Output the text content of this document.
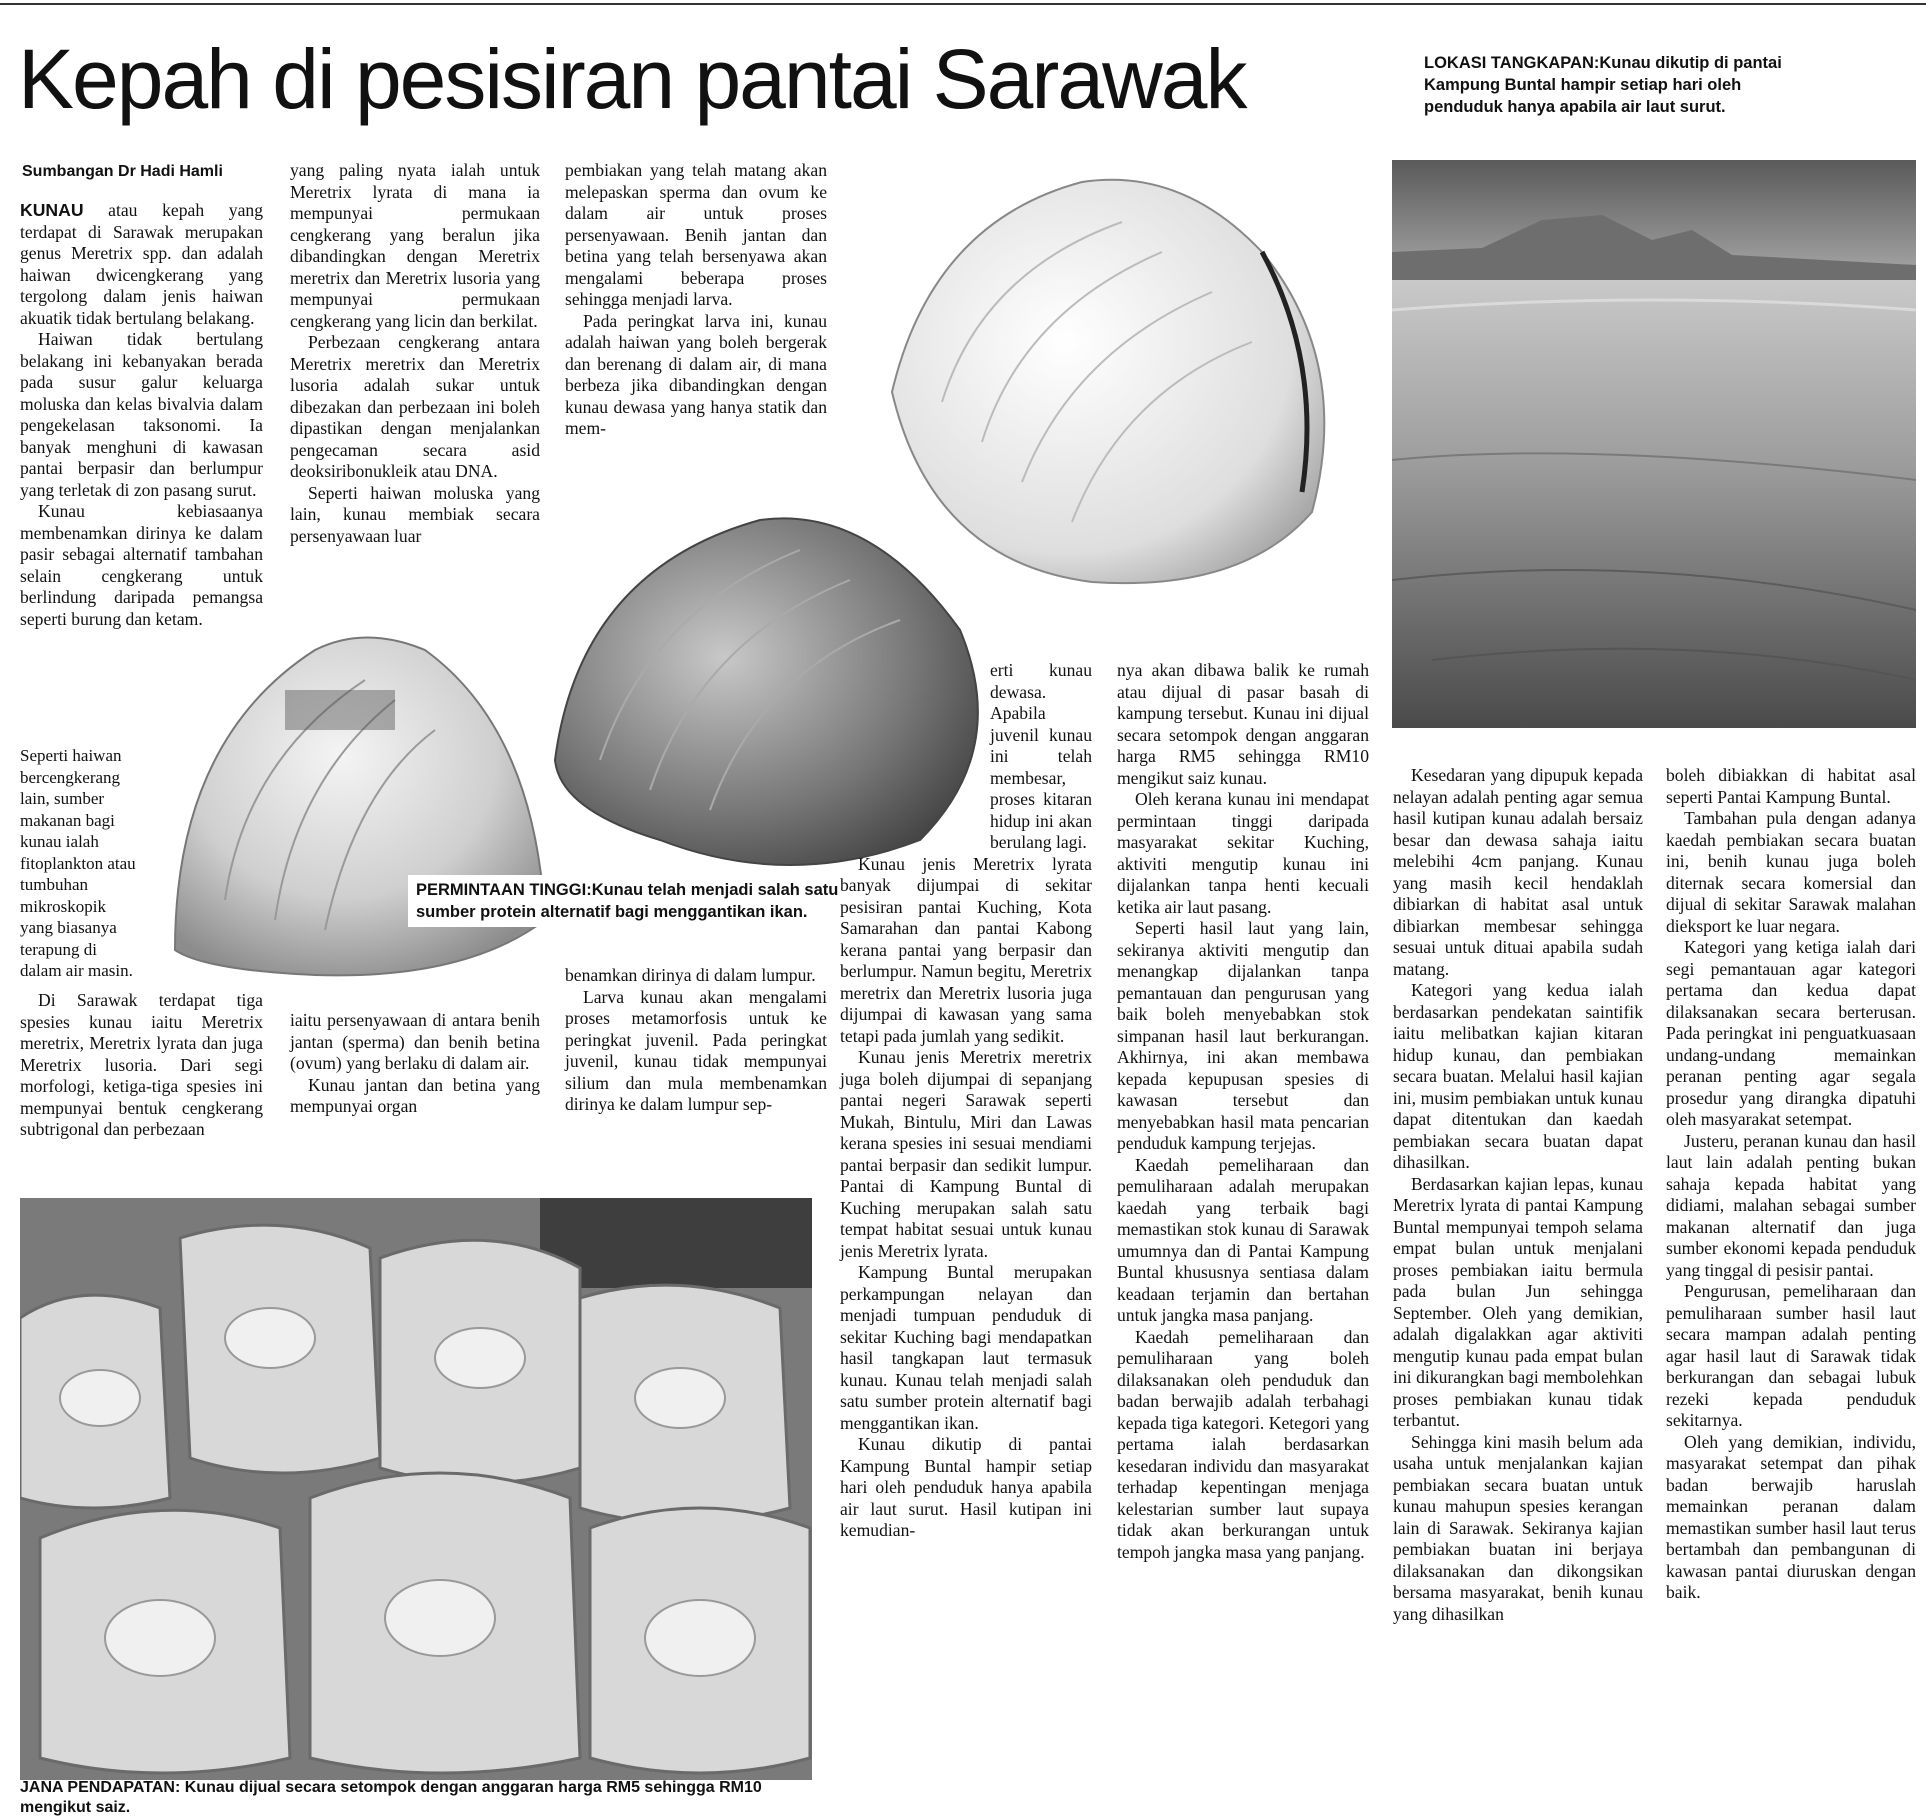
Kepah di pesisiran pantai Sarawak	LOKASI TANGKAPAN:Kunau dikutip di pantai Kampung Buntal hampir setiap hari oleh penduduk hanya apabila air laut surut.
Sumbangan Dr Hadi Hamli

KUNAU atau kepah yang terdapat di Sarawak merupakan genus Meretrix spp. dan adalah haiwan dwicengkerang yang tergolong dalam jenis haiwan akuatik tidak bertulang belakang.

Haiwan tidak bertulang belakang ini kebanyakan berada pada susur galur keluarga moluska dan kelas bivalvia dalam pengekelasan taksonomi. Ia banyak menghuni di kawasan pantai berpasir dan berlumpur yang terletak di zon pasang surut.

Kunau kebiasaanya membenamkan dirinya ke dalam pasir sebagai alternatif tambahan selain cengkerang untuk berlindung daripada pemangsa seperti burung dan ketam.

Seperti haiwan bercengkerang lain, sumber makanan bagi kunau ialah fitoplankton atau tumbuhan mikroskopik yang biasanya terapung di dalam air masin.

Di Sarawak terdapat tiga spesies kunau iaitu Meretrix meretrix, Meretrix lyrata dan juga Meretrix lusoria. Dari segi morfologi, ketiga-tiga spesies ini mempunyai bentuk cengkerang subtrigonal dan perbezaan

yang paling nyata ialah untuk Meretrix lyrata di mana ia mempunyai permukaan cengkerang yang beralun jika dibandingkan dengan Meretrix meretrix dan Meretrix lusoria yang mempunyai permukaan cengkerang yang licin dan berkilat.

Perbezaan cengkerang antara Meretrix meretrix dan Meretrix lusoria adalah sukar untuk dibezakan dan perbezaan ini boleh dipastikan dengan menjalankan pengecaman secara asid deoksiribonukleik atau DNA.

Seperti haiwan moluska yang lain, kunau membiak secara persenyawaan luar

iaitu persenyawaan di antara benih jantan (sperma) dan benih betina (ovum) yang berlaku di dalam air.

Kunau jantan dan betina yang mempunyai organ

pembiakan yang telah matang akan melepaskan sperma dan ovum ke dalam air untuk proses persenyawaan. Benih jantan dan betina yang telah bersenyawa akan mengalami beberapa proses sehingga menjadi larva.

Pada peringkat larva ini, kunau adalah haiwan yang boleh bergerak dan berenang di dalam air, di mana berbeza jika dibandingkan dengan kunau dewasa yang hanya statik dan mem-

benamkan dirinya di dalam lumpur.

Larva kunau akan mengalami proses metamorfosis untuk ke peringkat juvenil. Pada peringkat juvenil, kunau tidak mempunyai silium dan mula membenamkan dirinya ke dalam lumpur sep-

PERMINTAAN TINGGI:Kunau telah menjadi salah satu sumber protein alternatif bagi menggantikan ikan.

erti kunau dewasa. Apabila juvenil kunau ini telah membesar, proses kitaran hidup ini akan berulang lagi.

Kunau jenis Meretrix lyrata banyak dijumpai di sekitar pesisiran pantai Kuching, Kota Samarahan dan pantai Kabong kerana pantai yang berpasir dan berlumpur. Namun begitu, Meretrix meretrix dan Meretrix lusoria juga dijumpai di kawasan yang sama tetapi pada jumlah yang sedikit.

Kunau jenis Meretrix meretrix juga boleh dijumpai di sepanjang pantai negeri Sarawak seperti Mukah, Bintulu, Miri dan Lawas kerana spesies ini sesuai mendiami pantai berpasir dan sedikit lumpur. Pantai di Kampung Buntal di Kuching merupakan salah satu tempat habitat sesuai untuk kunau jenis Meretrix lyrata.

Kampung Buntal merupakan perkampungan nelayan dan menjadi tumpuan penduduk di sekitar Kuching bagi mendapatkan hasil tangkapan laut termasuk kunau. Kunau telah menjadi salah satu sumber protein alternatif bagi menggantikan ikan.

Kunau dikutip di pantai Kampung Buntal hampir setiap hari oleh penduduk hanya apabila air laut surut. Hasil kutipan ini kemudian-

nya akan dibawa balik ke rumah atau dijual di pasar basah di kampung tersebut. Kunau ini dijual secara setompok dengan anggaran harga RM5 sehingga RM10 mengikut saiz kunau.

Oleh kerana kunau ini mendapat permintaan tinggi daripada masyarakat sekitar Kuching, aktiviti mengutip kunau ini dijalankan tanpa henti kecuali ketika air laut pasang.

Seperti hasil laut yang lain, sekiranya aktiviti mengutip dan menangkap dijalankan tanpa pemantauan dan pengurusan yang baik boleh menyebabkan stok simpanan hasil laut berkurangan. Akhirnya, ini akan membawa kepada kepupusan spesies di kawasan tersebut dan menyebabkan hasil mata pencarian penduduk kampung terjejas.

Kaedah pemeliharaan dan pemuliharaan adalah merupakan kaedah yang terbaik bagi memastikan stok kunau di Sarawak umumnya dan di Pantai Kampung Buntal khususnya sentiasa dalam keadaan terjamin dan bertahan untuk jangka masa panjang.

Kaedah pemeliharaan dan pemuliharaan yang boleh dilaksanakan oleh penduduk dan badan berwajib adalah terbahagi kepada tiga kategori. Ketegori yang pertama ialah berdasarkan kesedaran individu dan masyarakat terhadap kepentingan menjaga kelestarian sumber laut supaya tidak akan berkurangan untuk tempoh jangka masa yang panjang.

Kesedaran yang dipupuk kepada nelayan adalah penting agar semua hasil kutipan kunau adalah bersaiz besar dan dewasa sahaja iaitu melebihi 4cm panjang. Kunau yang masih kecil hendaklah dibiarkan di habitat asal untuk dibiarkan membesar sehingga sesuai untuk dituai apabila sudah matang.

Kategori yang kedua ialah berdasarkan pendekatan saintifik iaitu melibatkan kajian kitaran hidup kunau, dan pembiakan secara buatan. Melalui hasil kajian ini, musim pembiakan untuk kunau dapat ditentukan dan kaedah pembiakan secara buatan dapat dihasilkan.

Berdasarkan kajian lepas, kunau Meretrix lyrata di pantai Kampung Buntal mempunyai tempoh selama empat bulan untuk menjalani proses pembiakan iaitu bermula pada bulan Jun sehingga September. Oleh yang demikian, adalah digalakkan agar aktiviti mengutip kunau pada empat bulan ini dikurangkan bagi membolehkan proses pembiakan kunau tidak terbantut.

Sehingga kini masih belum ada usaha untuk menjalankan kajian pembiakan secara buatan untuk kunau mahupun spesies kerangan lain di Sarawak. Sekiranya kajian pembiakan buatan ini berjaya dilaksanakan dan dikongsikan bersama masyarakat, benih kunau yang dihasilkan

boleh dibiakkan di habitat asal seperti Pantai Kampung Buntal.

Tambahan pula dengan adanya kaedah pembiakan secara buatan ini, benih kunau juga boleh diternak secara komersial dan dijual di sekitar Sarawak malahan dieksport ke luar negara.

Kategori yang ketiga ialah dari segi pemantauan agar kategori pertama dan kedua dapat dilaksanakan secara berterusan. Pada peringkat ini penguatkuasaan undang-undang memainkan peranan penting agar segala prosedur yang dirangka dipatuhi oleh masyarakat setempat.

Justeru, peranan kunau dan hasil laut lain adalah penting bukan sahaja kepada habitat yang didiami, malahan sebagai sumber makanan alternatif dan juga sumber ekonomi kepada penduduk yang tinggal di pesisir pantai.

Pengurusan, pemeliharaan dan pemuliharaan sumber hasil laut secara mampan adalah penting agar hasil laut di Sarawak tidak berkurangan dan sebagai lubuk rezeki kepada penduduk sekitarnya.

Oleh yang demikian, individu, masyarakat setempat dan pihak badan berwajib haruslah memainkan peranan dalam memastikan sumber hasil laut terus bertambah dan pembangunan di kawasan pantai diuruskan dengan baik.

JANA PENDAPATAN: Kunau dijual secara setompok dengan anggaran harga RM5 sehingga RM10 mengikut saiz.
